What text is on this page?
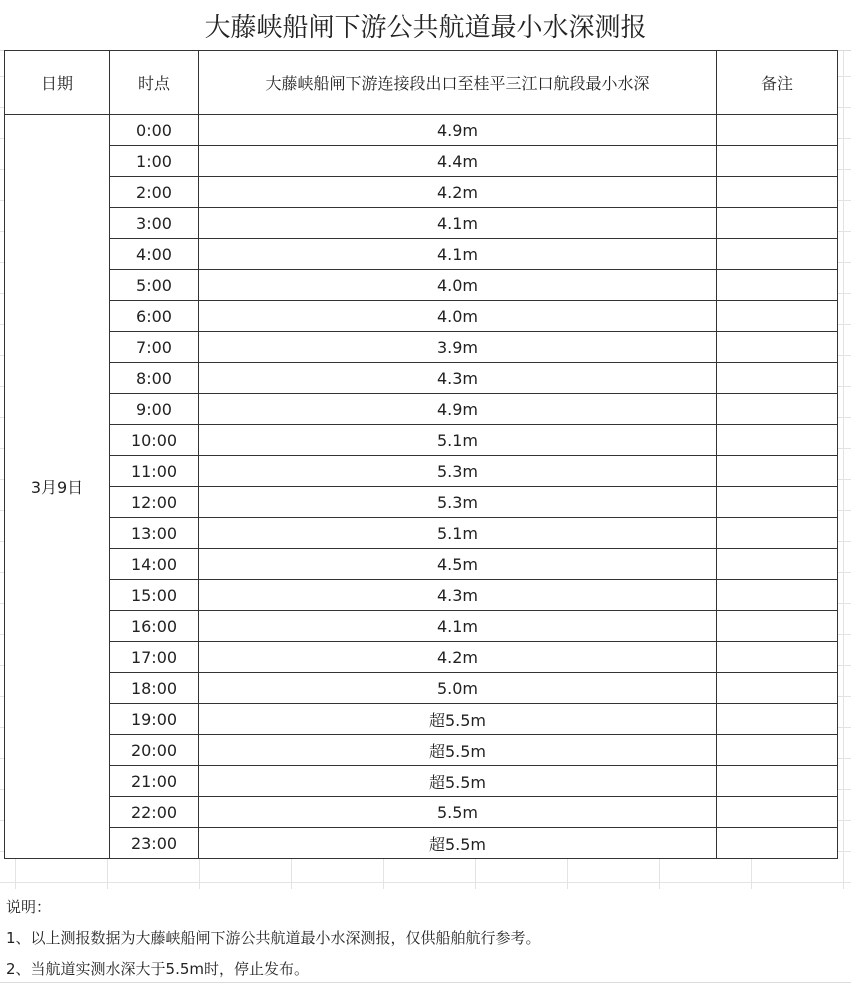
大藤峡船闸下游公共航道最小水深测报
日期	时点	大藤峡船闸下游连接段出口至桂平三江口航段最小水深	备注
3月9日	0:00	4.9m	
	1:00	4.4m	
	2:00	4.2m	
	3:00	4.1m	
	4:00	4.1m	
	5:00	4.0m	
	6:00	4.0m	
	7:00	3.9m	
	8:00	4.3m	
	9:00	4.9m	
	10:00	5.1m	
	11:00	5.3m	
	12:00	5.3m	
	13:00	5.1m	
	14:00	4.5m	
	15:00	4.3m	
	16:00	4.1m	
	17:00	4.2m	
	18:00	5.0m	
	19:00	超5.5m	
	20:00	超5.5m	
	21:00	超5.5m	
	22:00	5.5m	
	23:00	超5.5m	
说明：
1、以上测报数据为大藤峡船闸下游公共航道最小水深测报，仅供船舶航行参考。
2、当航道实测水深大于5.5m时，停止发布。
